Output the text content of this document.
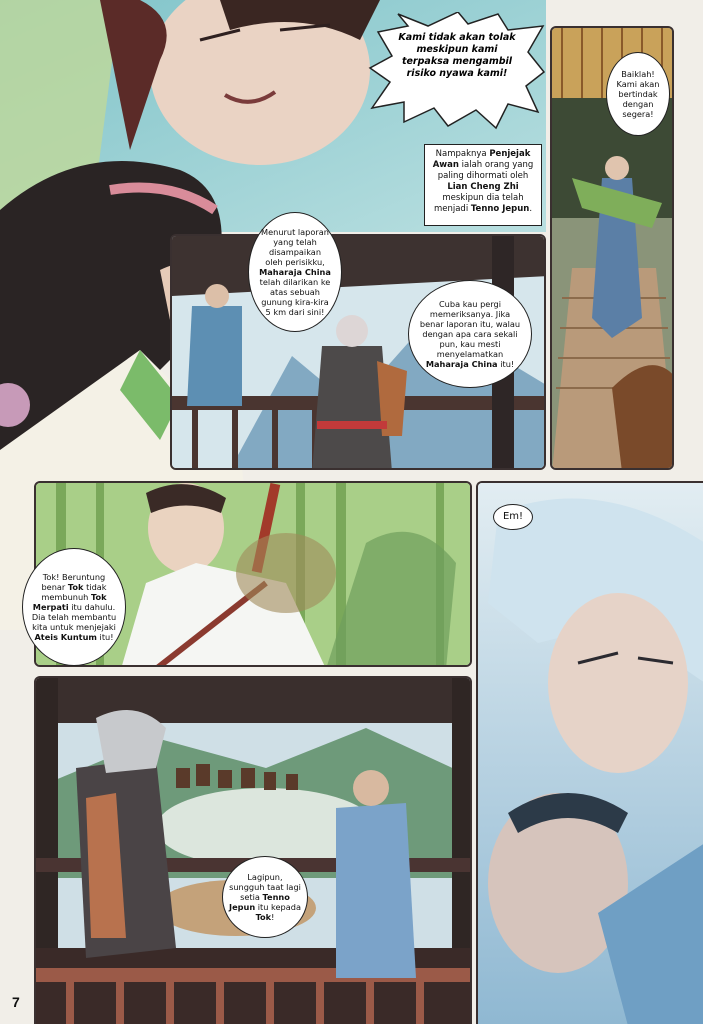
Kami tidak akan tolak meskipun kami terpaksa mengambil risiko nyawa kami!
Nampaknya Penjejak Awan ialah orang yang paling dihormati oleh Lian Cheng Zhi meskipun dia telah menjadi Tenno Jepun.
Baiklah! Kami akan bertindak dengan segera!
Menurut laporan yang telah disampaikan oleh perisikku, Maharaja China telah dilarikan ke atas sebuah gunung kira-kira 5 km dari sini!
Cuba kau pergi memeriksanya. Jika benar laporan itu, walau dengan apa cara sekali pun, kau mesti menyelamatkan Maharaja China itu!
Tok! Beruntung benar Tok tidak membunuh Tok Merpati itu dahulu. Dia telah membantu kita untuk menjejaki Ateis Kuntum itu!
Em!
Lagipun, sungguh taat lagi setia Tenno Jepun itu kepada Tok!
7
